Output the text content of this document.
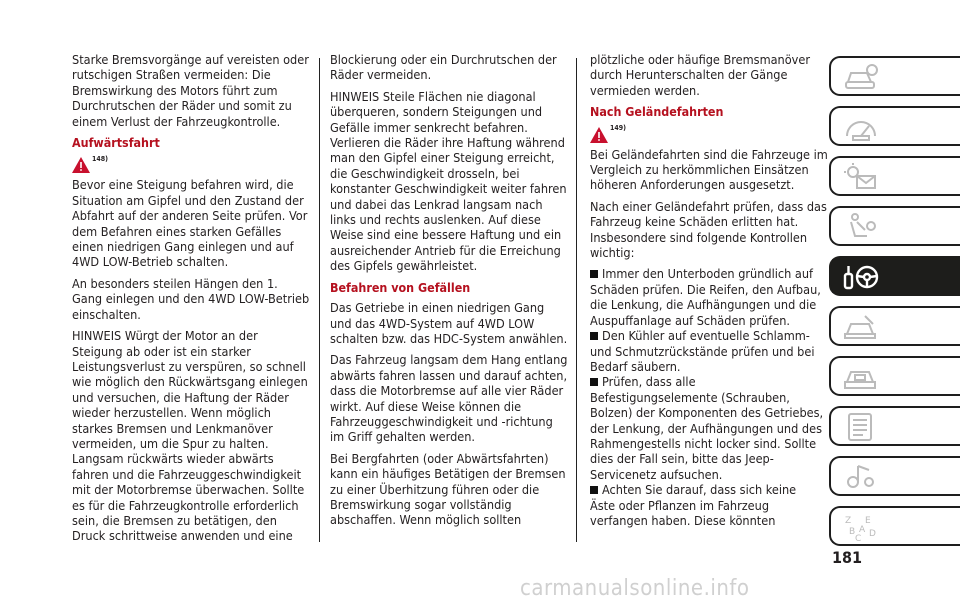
Starke Bremsvorgänge auf vereisten oder rutschigen Straßen vermeiden: Die Bremswirkung des Motors führt zum Durchrutschen der Räder und somit zu einem Verlust der Fahrzeugkontrolle.

Aufwärtsfahrt
148)

Bevor eine Steigung befahren wird, die Situation am Gipfel und den Zustand der Abfahrt auf der anderen Seite prüfen. Vor dem Befahren eines starken Gefälles einen niedrigen Gang einlegen und auf 4WD LOW-Betrieb schalten.

An besonders steilen Hängen den 1. Gang einlegen und den 4WD LOW-Betrieb einschalten.

HINWEIS Würgt der Motor an der Steigung ab oder ist ein starker Leistungsverlust zu verspüren, so schnell wie möglich den Rückwärtsgang einlegen und versuchen, die Haftung der Räder wieder herzustellen. Wenn möglich starkes Bremsen und Lenkmanöver vermeiden, um die Spur zu halten. Langsam rückwärts wieder abwärts fahren und die Fahrzeuggeschwindigkeit mit der Motorbremse überwachen. Sollte es für die Fahrzeugkontrolle erforderlich sein, die Bremsen zu betätigen, den Druck schrittweise anwenden und eine

Blockierung oder ein Durchrutschen der Räder vermeiden.

HINWEIS Steile Flächen nie diagonal überqueren, sondern Steigungen und Gefälle immer senkrecht befahren. Verlieren die Räder ihre Haftung während man den Gipfel einer Steigung erreicht, die Geschwindigkeit drosseln, bei konstanter Geschwindigkeit weiter fahren und dabei das Lenkrad langsam nach links und rechts auslenken. Auf diese Weise sind eine bessere Haftung und ein ausreichender Antrieb für die Erreichung des Gipfels gewährleistet.

Befahren von Gefällen

Das Getriebe in einen niedrigen Gang und das 4WD-System auf 4WD LOW schalten bzw. das HDC-System anwählen.

Das Fahrzeug langsam dem Hang entlang abwärts fahren lassen und darauf achten, dass die Motorbremse auf alle vier Räder wirkt. Auf diese Weise können die Fahrzeuggeschwindigkeit und -richtung im Griff gehalten werden.

Bei Bergfahrten (oder Abwärtsfahrten) kann ein häufiges Betätigen der Bremsen zu einer Überhitzung führen oder die Bremswirkung sogar vollständig abschaffen. Wenn möglich sollten

plötzliche oder häufige Bremsmanöver durch Herunterschalten der Gänge vermieden werden.

Nach Geländefahrten
149)

Bei Geländefahrten sind die Fahrzeuge im Vergleich zu herkömmlichen Einsätzen höheren Anforderungen ausgesetzt.

Nach einer Geländefahrt prüfen, dass das Fahrzeug keine Schäden erlitten hat. Insbesondere sind folgende Kontrollen wichtig:

Immer den Unterboden gründlich auf
Schäden prüfen. Die Reifen, den Aufbau, die Lenkung, die Aufhängungen und die Auspuffanlage auf Schäden prüfen.

Den Kühler auf eventuelle Schlamm-
und Schmutzrückstände prüfen und bei Bedarf säubern.

Prüfen, dass alle
Befestigungselemente (Schrauben, Bolzen) der Komponenten des Getriebes, der Lenkung, der Aufhängungen und des Rahmengestells nicht locker sind. Sollte dies der Fall sein, bitte das Jeep-Servicenetz aufsuchen.

Achten Sie darauf, dass sich keine
Äste oder Pflanzen im Fahrzeug verfangen haben. Diese könnten	Z E
B A D
C
181
carmanualsonline.info
